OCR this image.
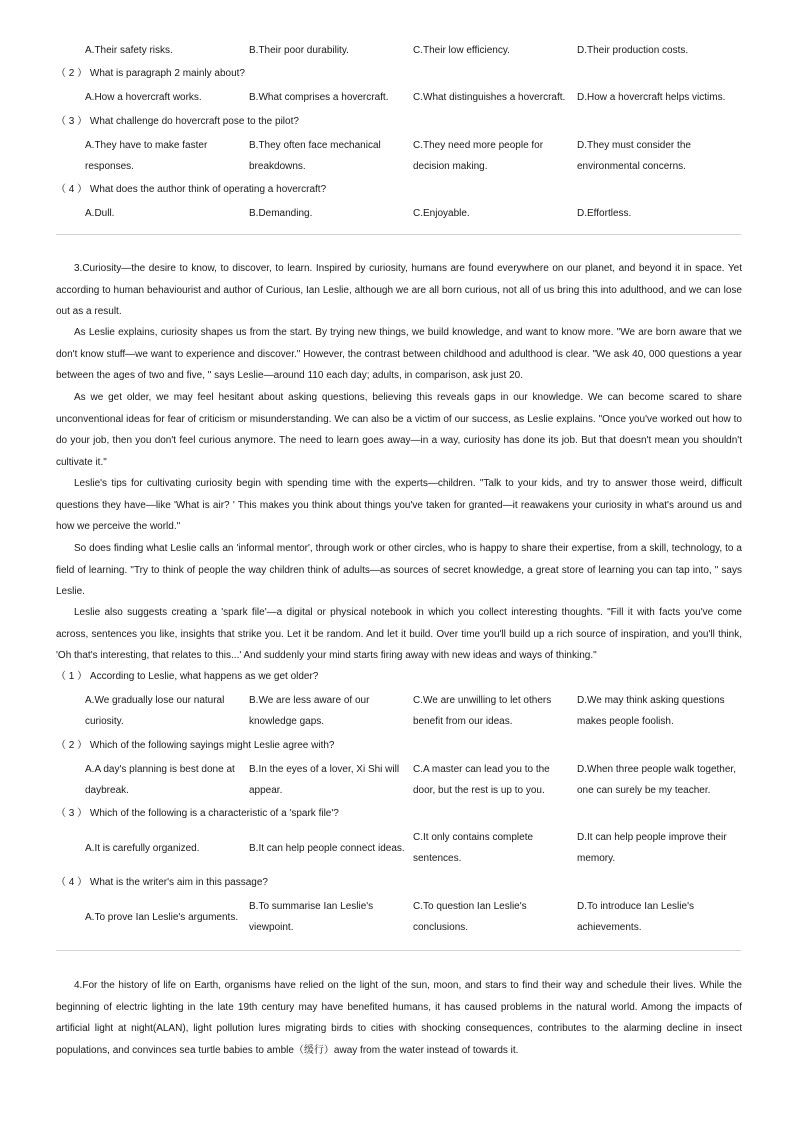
A.Their safety risks.	B.Their poor durability.	C.Their low efficiency.	D.Their production costs.
（ 2 ） What is paragraph 2 mainly about?
A.How a hovercraft works.	B.What comprises a hovercraft.	C.What distinguishes a hovercraft.	D.How a hovercraft helps victims.
（ 3 ） What challenge do hovercraft pose to the pilot?
A.They have to make faster responses.
B.They often face mechanical breakdowns.
C.They need more people for decision making.
D.They must consider the environmental concerns.
（ 4 ） What does the author think of operating a hovercraft?
A.Dull.	B.Demanding.	C.Enjoyable.	D.Effortless.
3.Curiosity—the desire to know, to discover, to learn. Inspired by curiosity, humans are found everywhere on our planet, and beyond it in space. Yet according to human behaviourist and author of Curious, Ian Leslie, although we are all born curious, not all of us bring this into adulthood, and we can lose out as a result.
As Leslie explains, curiosity shapes us from the start. By trying new things, we build knowledge, and want to know more. "We are born aware that we don't know stuff—we want to experience and discover." However, the contrast between childhood and adulthood is clear. "We ask 40, 000 questions a year between the ages of two and five, " says Leslie—around 110 each day; adults, in comparison, ask just 20.
As we get older, we may feel hesitant about asking questions, believing this reveals gaps in our knowledge. We can become scared to share unconventional ideas for fear of criticism or misunderstanding. We can also be a victim of our success, as Leslie explains. "Once you've worked out how to do your job, then you don't feel curious anymore. The need to learn goes away—in a way, curiosity has done its job. But that doesn't mean you shouldn't cultivate it."
Leslie's tips for cultivating curiosity begin with spending time with the experts—children. "Talk to your kids, and try to answer those weird, difficult questions they have—like 'What is air? ' This makes you think about things you've taken for granted—it reawakens your curiosity in what's around us and how we perceive the world."
So does finding what Leslie calls an 'informal mentor', through work or other circles, who is happy to share their expertise, from a skill, technology, to a field of learning. "Try to think of people the way children think of adults—as sources of secret knowledge, a great store of learning you can tap into, " says Leslie.
Leslie also suggests creating a 'spark file'—a digital or physical notebook in which you collect interesting thoughts. "Fill it with facts you've come across, sentences you like, insights that strike you. Let it be random. And let it build. Over time you'll build up a rich source of inspiration, and you'll think, 'Oh that's interesting, that relates to this...' And suddenly your mind starts firing away with new ideas and ways of thinking."
（ 1 ） According to Leslie, what happens as we get older?
A.We gradually lose our natural curiosity.
B.We are less aware of our knowledge gaps.
C.We are unwilling to let others benefit from our ideas.
D.We may think asking questions makes people foolish.
（ 2 ） Which of the following sayings might Leslie agree with?
A.A day's planning is best done at daybreak.
B.In the eyes of a lover, Xi Shi will appear.
C.A master can lead you to the door, but the rest is up to you.
D.When three people walk together, one can surely be my teacher.
（ 3 ） Which of the following is a characteristic of a 'spark file'?
A.It is carefully organized.	B.It can help people connect ideas.
C.It only contains complete sentences.
D.It can help people improve their memory.
（ 4 ） What is the writer's aim in this passage?
A.To prove Ian Leslie's arguments.
B.To summarise Ian Leslie's viewpoint.
C.To question Ian Leslie's conclusions.
D.To introduce Ian Leslie's achievements.
4.For the history of life on Earth, organisms have relied on the light of the sun, moon, and stars to find their way and schedule their lives. While the beginning of electric lighting in the late 19th century may have benefited humans, it has caused problems in the natural world. Among the impacts of artificial light at night(ALAN), light pollution lures migrating birds to cities with shocking consequences, contributes to the alarming decline in insect populations, and convinces sea turtle babies to amble（缓行）away from the water instead of towards it.
